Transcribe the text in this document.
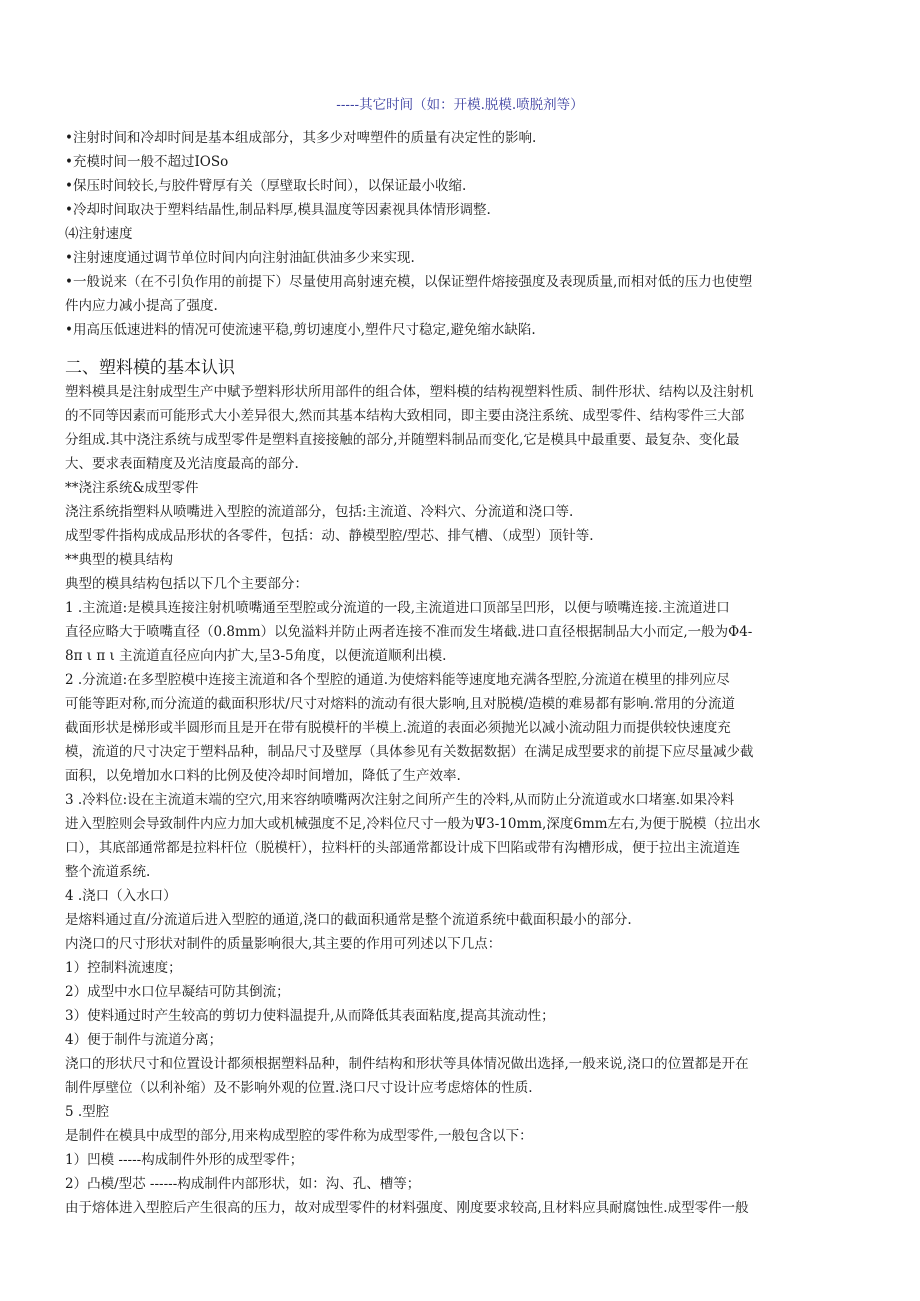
-----其它时间（如：开模.脱模.喷脱剂等）
•注射时间和冷却时间是基本组成部分，其多少对啤塑件的质量有决定性的影响.
•充模时间一般不超过IOSo
•保压时间较长,与胶件臂厚有关（厚壁取长时间），以保证最小收缩.
•冷却时间取决于塑料结晶性,制品料厚,模具温度等因素视具体情形调整.
⑷注射速度
•注射速度通过调节单位时间内向注射油缸供油多少来实现.
•一般说来（在不引负作用的前提下）尽量使用高射速充模，以保证塑件熔接强度及表现质量,而相对低的压力也使塑
件内应力减小提高了强度.
•用高压低速进料的情况可使流速平稳,剪切速度小,塑件尺寸稳定,避免缩水缺陷.
二、塑料模的基本认识
塑料模具是注射成型生产中赋予塑料形状所用部件的组合体，塑料模的结构视塑料性质、制件形状、结构以及注射机
的不同等因素而可能形式大小差异很大,然而其基本结构大致相同，即主要由浇注系统、成型零件、结构零件三大部
分组成.其中浇注系统与成型零件是塑料直接接触的部分,并随塑料制品而变化,它是模具中最重要、最复杂、变化最
大、要求表面精度及光洁度最高的部分.
**浇注系统&成型零件
浇注系统指塑料从喷嘴进入型腔的流道部分，包括:主流道、冷料穴、分流道和浇口等.
成型零件指构成成品形状的各零件，包括：动、静模型腔/型芯、排气槽、（成型）顶针等.
**典型的模具结构
典型的模具结构包括以下几个主要部分：
1 .主流道:是模具连接注射机喷嘴通至型腔或分流道的一段,主流道进口顶部呈凹形，以便与喷嘴连接.主流道进口
直径应略大于喷嘴直径（0.8mm）以免溢料并防止两者连接不准而发生堵截.进口直径根据制品大小而定,一般为Φ4-
8π ι π ι 主流道直径应向内扩大,呈3-5角度，以便流道顺利出模.
2 .分流道:在多型腔模中连接主流道和各个型腔的通道.为使熔料能等速度地充满各型腔,分流道在模里的排列应尽
可能等距对称,而分流道的截面积形状/尺寸对熔料的流动有很大影响,且对脱模/造模的难易都有影响.常用的分流道
截面形状是梯形或半圆形而且是开在带有脱模杆的半模上.流道的表面必须抛光以减小流动阻力而提供较快速度充
模，流道的尺寸决定于塑料品种，制品尺寸及壁厚（具体参见有关数据数据）在满足成型要求的前提下应尽量减少截
面积，以免增加水口料的比例及使冷却时间增加，降低了生产效率.
3 .冷料位:设在主流道末端的空穴,用来容纳喷嘴两次注射之间所产生的冷料,从而防止分流道或水口堵塞.如果冷料
进入型腔则会导致制件内应力加大或机械强度不足,冷料位尺寸一般为Ψ3-10mm,深度6mm左右,为便于脱模（拉出水
口），其底部通常都是拉料杆位（脱模杆），拉料杆的头部通常都设计成下凹陷或带有沟槽形成，便于拉出主流道连
整个流道系统.
4 .浇口（入水口）
是熔料通过直/分流道后进入型腔的通道,浇口的截面积通常是整个流道系统中截面积最小的部分.
内浇口的尺寸形状对制件的质量影响很大,其主要的作用可列述以下几点：
1）控制料流速度；
2）成型中水口位早凝结可防其倒流；
3）使料通过时产生较高的剪切力使料温提升,从而降低其表面粘度,提高其流动性；
4）便于制件与流道分离；
浇口的形状尺寸和位置设计都须根据塑料品种，制件结构和形状等具体情况做出选择,一般来说,浇口的位置都是开在
制件厚壁位（以利补缩）及不影响外观的位置.浇口尺寸设计应考虑熔体的性质.
5 .型腔
是制件在模具中成型的部分,用来构成型腔的零件称为成型零件,一般包含以下：
1）凹模 -----构成制件外形的成型零件；
2）凸模/型芯 ------构成制件内部形状，如：沟、孔、槽等；
由于熔体进入型腔后产生很高的压力，故对成型零件的材料强度、刚度要求较高,且材料应具耐腐蚀性.成型零件一般
